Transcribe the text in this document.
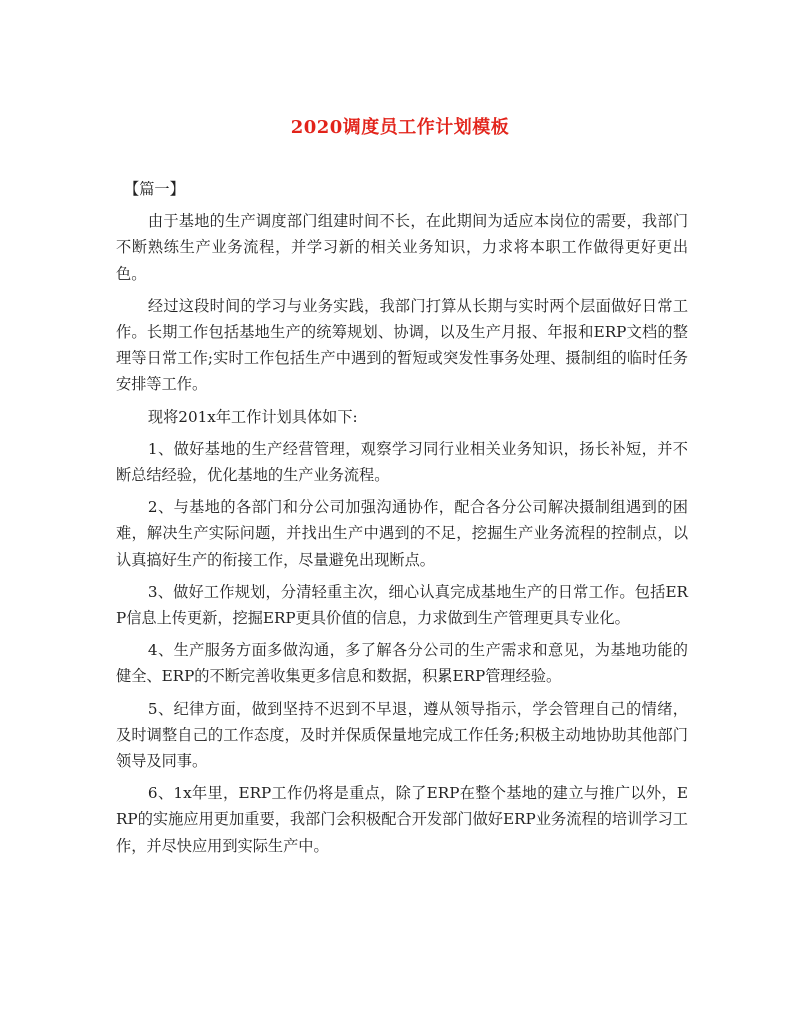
2020调度员工作计划模板
【篇一】

由于基地的生产调度部门组建时间不长，在此期间为适应本岗位的需要，我部门不断熟练生产业务流程，并学习新的相关业务知识，力求将本职工作做得更好更出色。

经过这段时间的学习与业务实践，我部门打算从长期与实时两个层面做好日常工作。长期工作包括基地生产的统筹规划、协调，以及生产月报、年报和ERP文档的整理等日常工作;实时工作包括生产中遇到的暂短或突发性事务处理、摄制组的临时任务安排等工作。

现将201x年工作计划具体如下:

1、做好基地的生产经营管理，观察学习同行业相关业务知识，扬长补短，并不断总结经验，优化基地的生产业务流程。

2、与基地的各部门和分公司加强沟通协作，配合各分公司解决摄制组遇到的困难，解决生产实际问题，并找出生产中遇到的不足，挖掘生产业务流程的控制点，以认真搞好生产的衔接工作，尽量避免出现断点。

3、做好工作规划，分清轻重主次，细心认真完成基地生产的日常工作。包括ERP信息上传更新，挖掘ERP更具价值的信息，力求做到生产管理更具专业化。

4、生产服务方面多做沟通，多了解各分公司的生产需求和意见，为基地功能的健全、ERP的不断完善收集更多信息和数据，积累ERP管理经验。

5、纪律方面，做到坚持不迟到不早退，遵从领导指示，学会管理自己的情绪，及时调整自己的工作态度，及时并保质保量地完成工作任务;积极主动地协助其他部门领导及同事。

6、1x年里，ERP工作仍将是重点，除了ERP在整个基地的建立与推广以外，ERP的实施应用更加重要，我部门会积极配合开发部门做好ERP业务流程的培训学习工作，并尽快应用到实际生产中。
